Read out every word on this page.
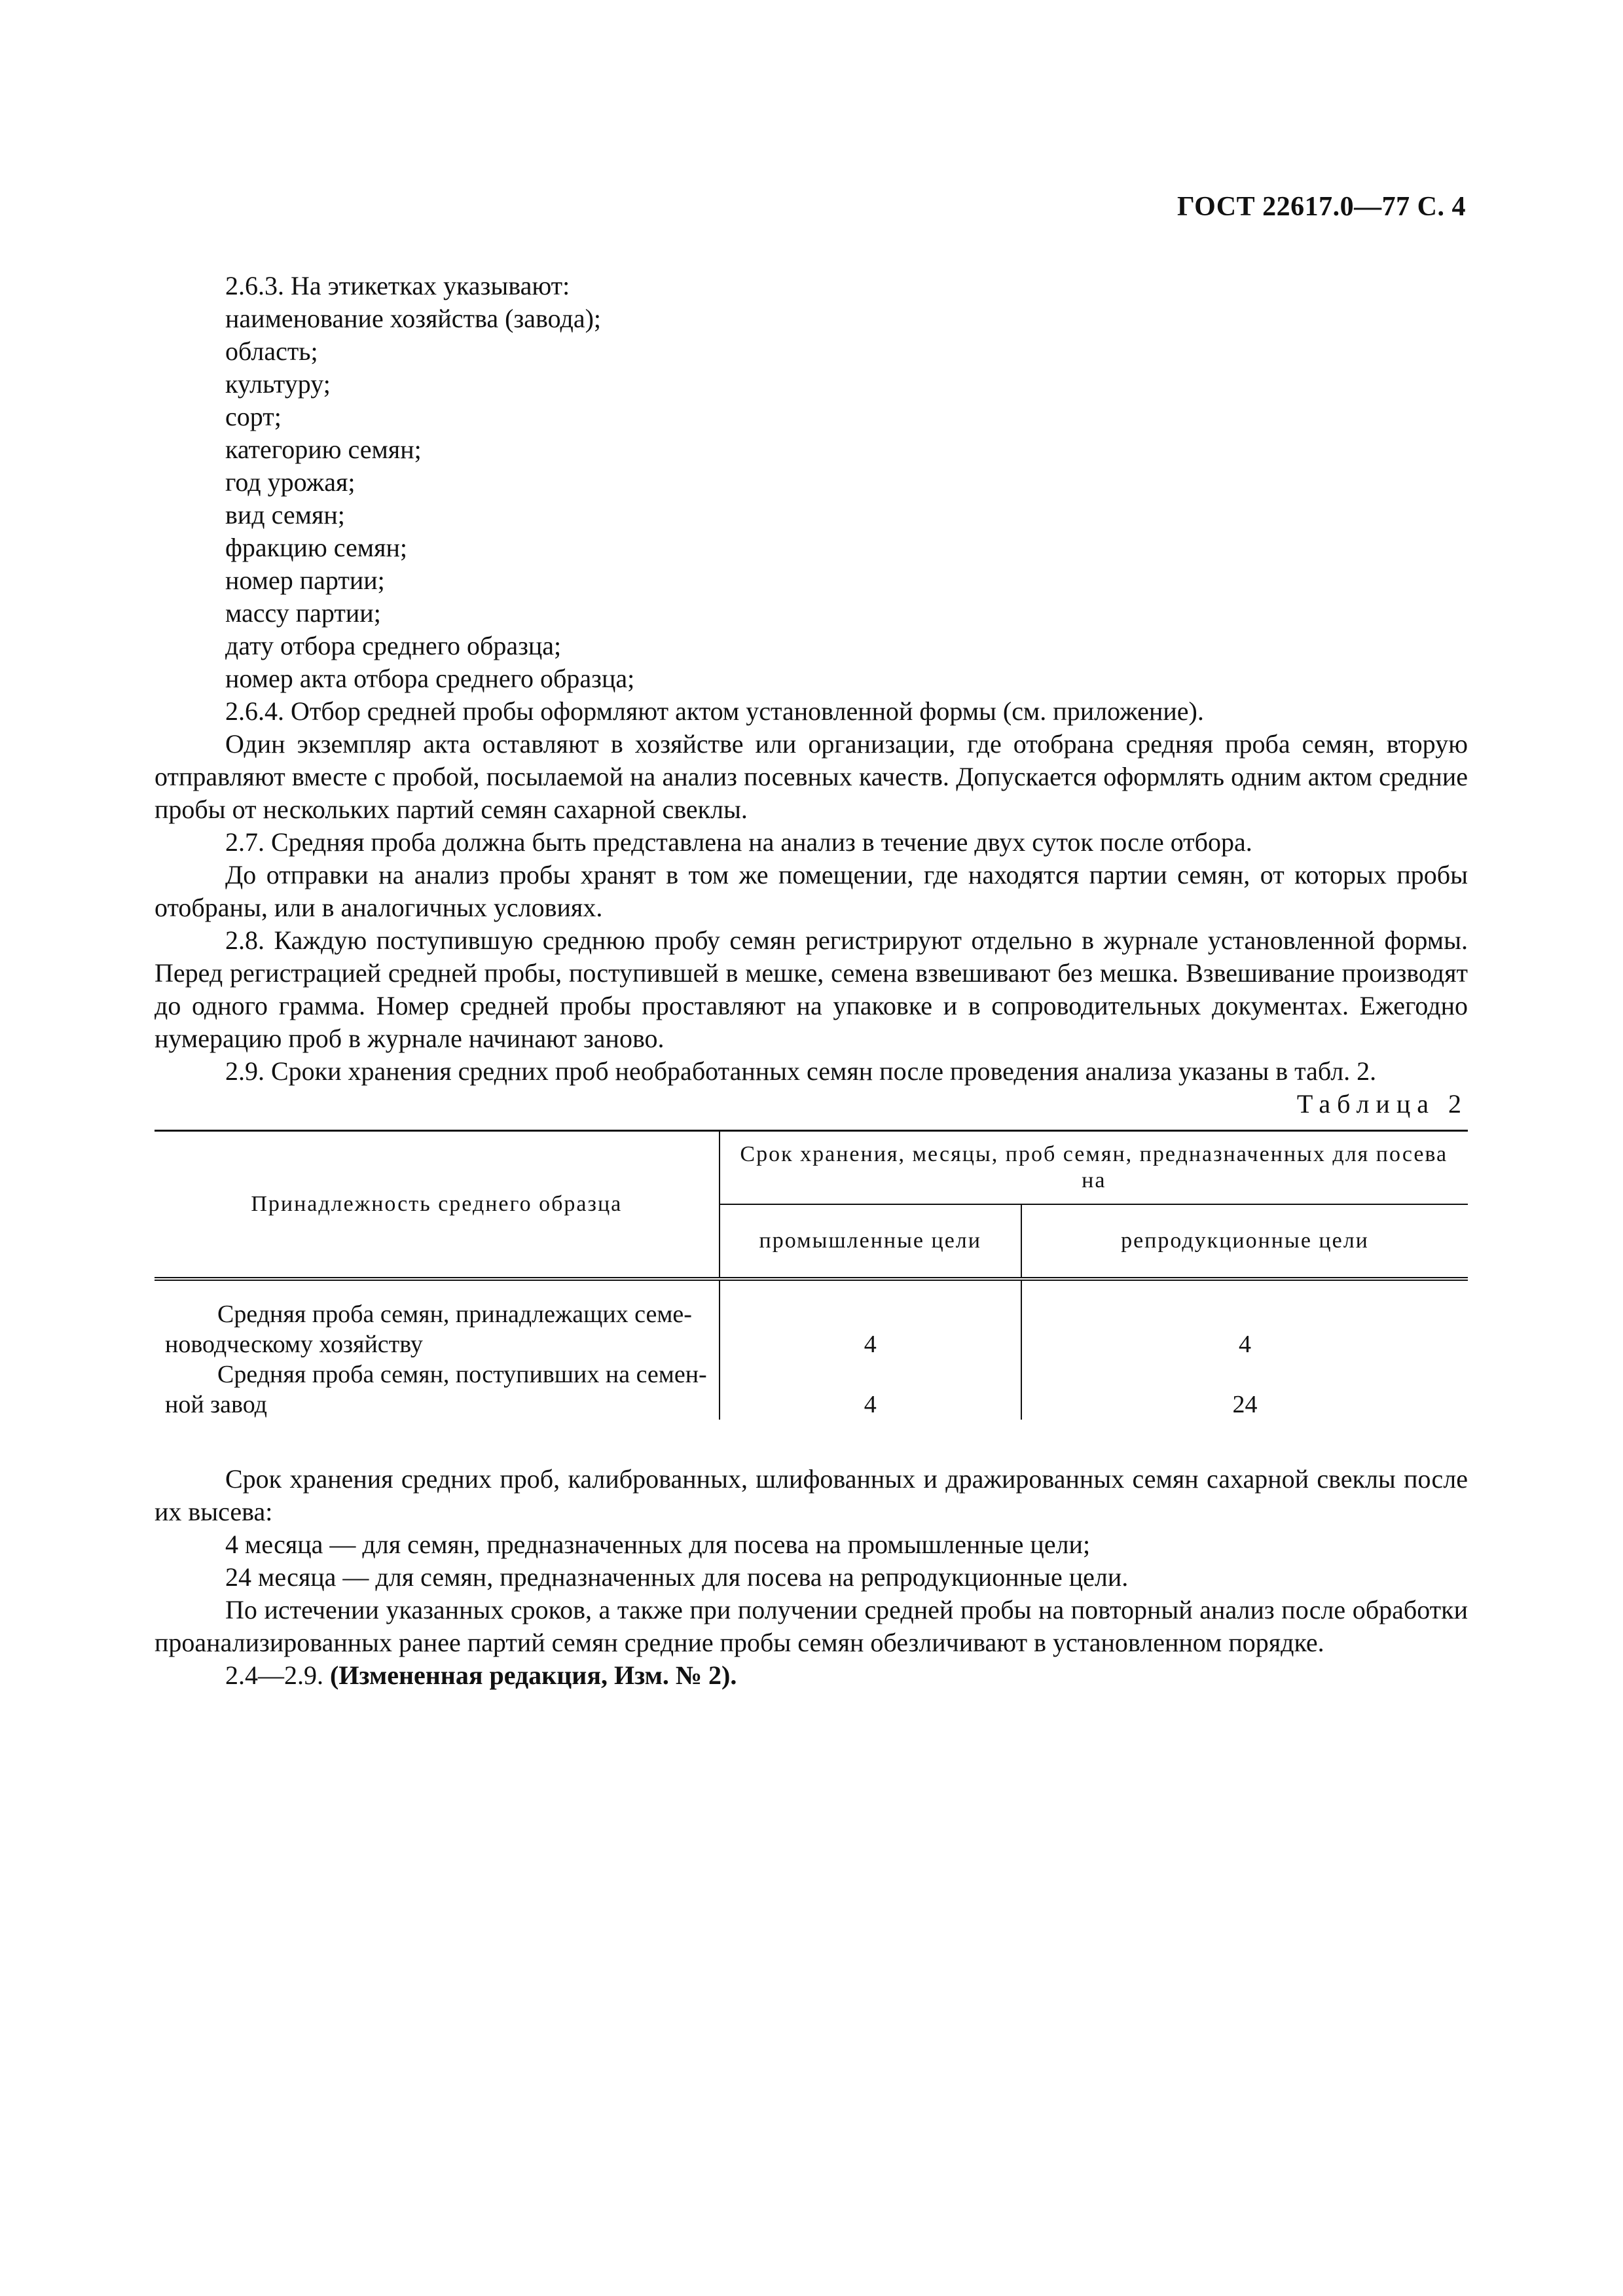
ГОСТ 22617.0—77 С. 4

2.6.3. На этикетках указывают:

наименование хозяйства (завода);

область;

культуру;

сорт;

категорию семян;

год урожая;

вид семян;

фракцию семян;

номер партии;

массу партии;

дату отбора среднего образца;

номер акта отбора среднего образца;

2.6.4. Отбор средней пробы оформляют актом установленной формы (см. приложение).

Один экземпляр акта оставляют в хозяйстве или организации, где отобрана средняя проба семян, вторую отправляют вместе с пробой, посылаемой на анализ посевных качеств. Допускается оформлять одним актом средние пробы от нескольких партий семян сахарной свеклы.

2.7. Средняя проба должна быть представлена на анализ в течение двух суток после отбора.

До отправки на анализ пробы хранят в том же помещении, где находятся партии семян, от которых пробы отобраны, или в аналогичных условиях.

2.8. Каждую поступившую среднюю пробу семян регистрируют отдельно в журнале установленной формы. Перед регистрацией средней пробы, поступившей в мешке, семена взвешивают без мешка. Взвешивание производят до одного грамма. Номер средней пробы проставляют на упаковке и в сопроводительных документах. Ежегодно нумерацию проб в журнале начинают заново.

2.9. Сроки хранения средних проб необработанных семян после проведения анализа указаны в табл. 2.

Таблица 2
Принадлежность среднего образца	Срок хранения, месяцы, проб семян, предназначенных для посева на	
	промышленные цели	репродукционные цели

Средняя проба семян, принадлежащих семе-
новодческому хозяйству	4	4

Средняя проба семян, поступивших на семен-
ной завод	4	24

Срок хранения средних проб, калиброванных, шлифованных и дражированных семян сахарной свеклы после их высева:

4 месяца — для семян, предназначенных для посева на промышленные цели;

24 месяца — для семян, предназначенных для посева на репродукционные цели.

По истечении указанных сроков, а также при получении средней пробы на повторный анализ после обработки проанализированных ранее партий семян средние пробы семян обезличивают в установленном порядке.

2.4—2.9. (Измененная редакция, Изм. № 2).
